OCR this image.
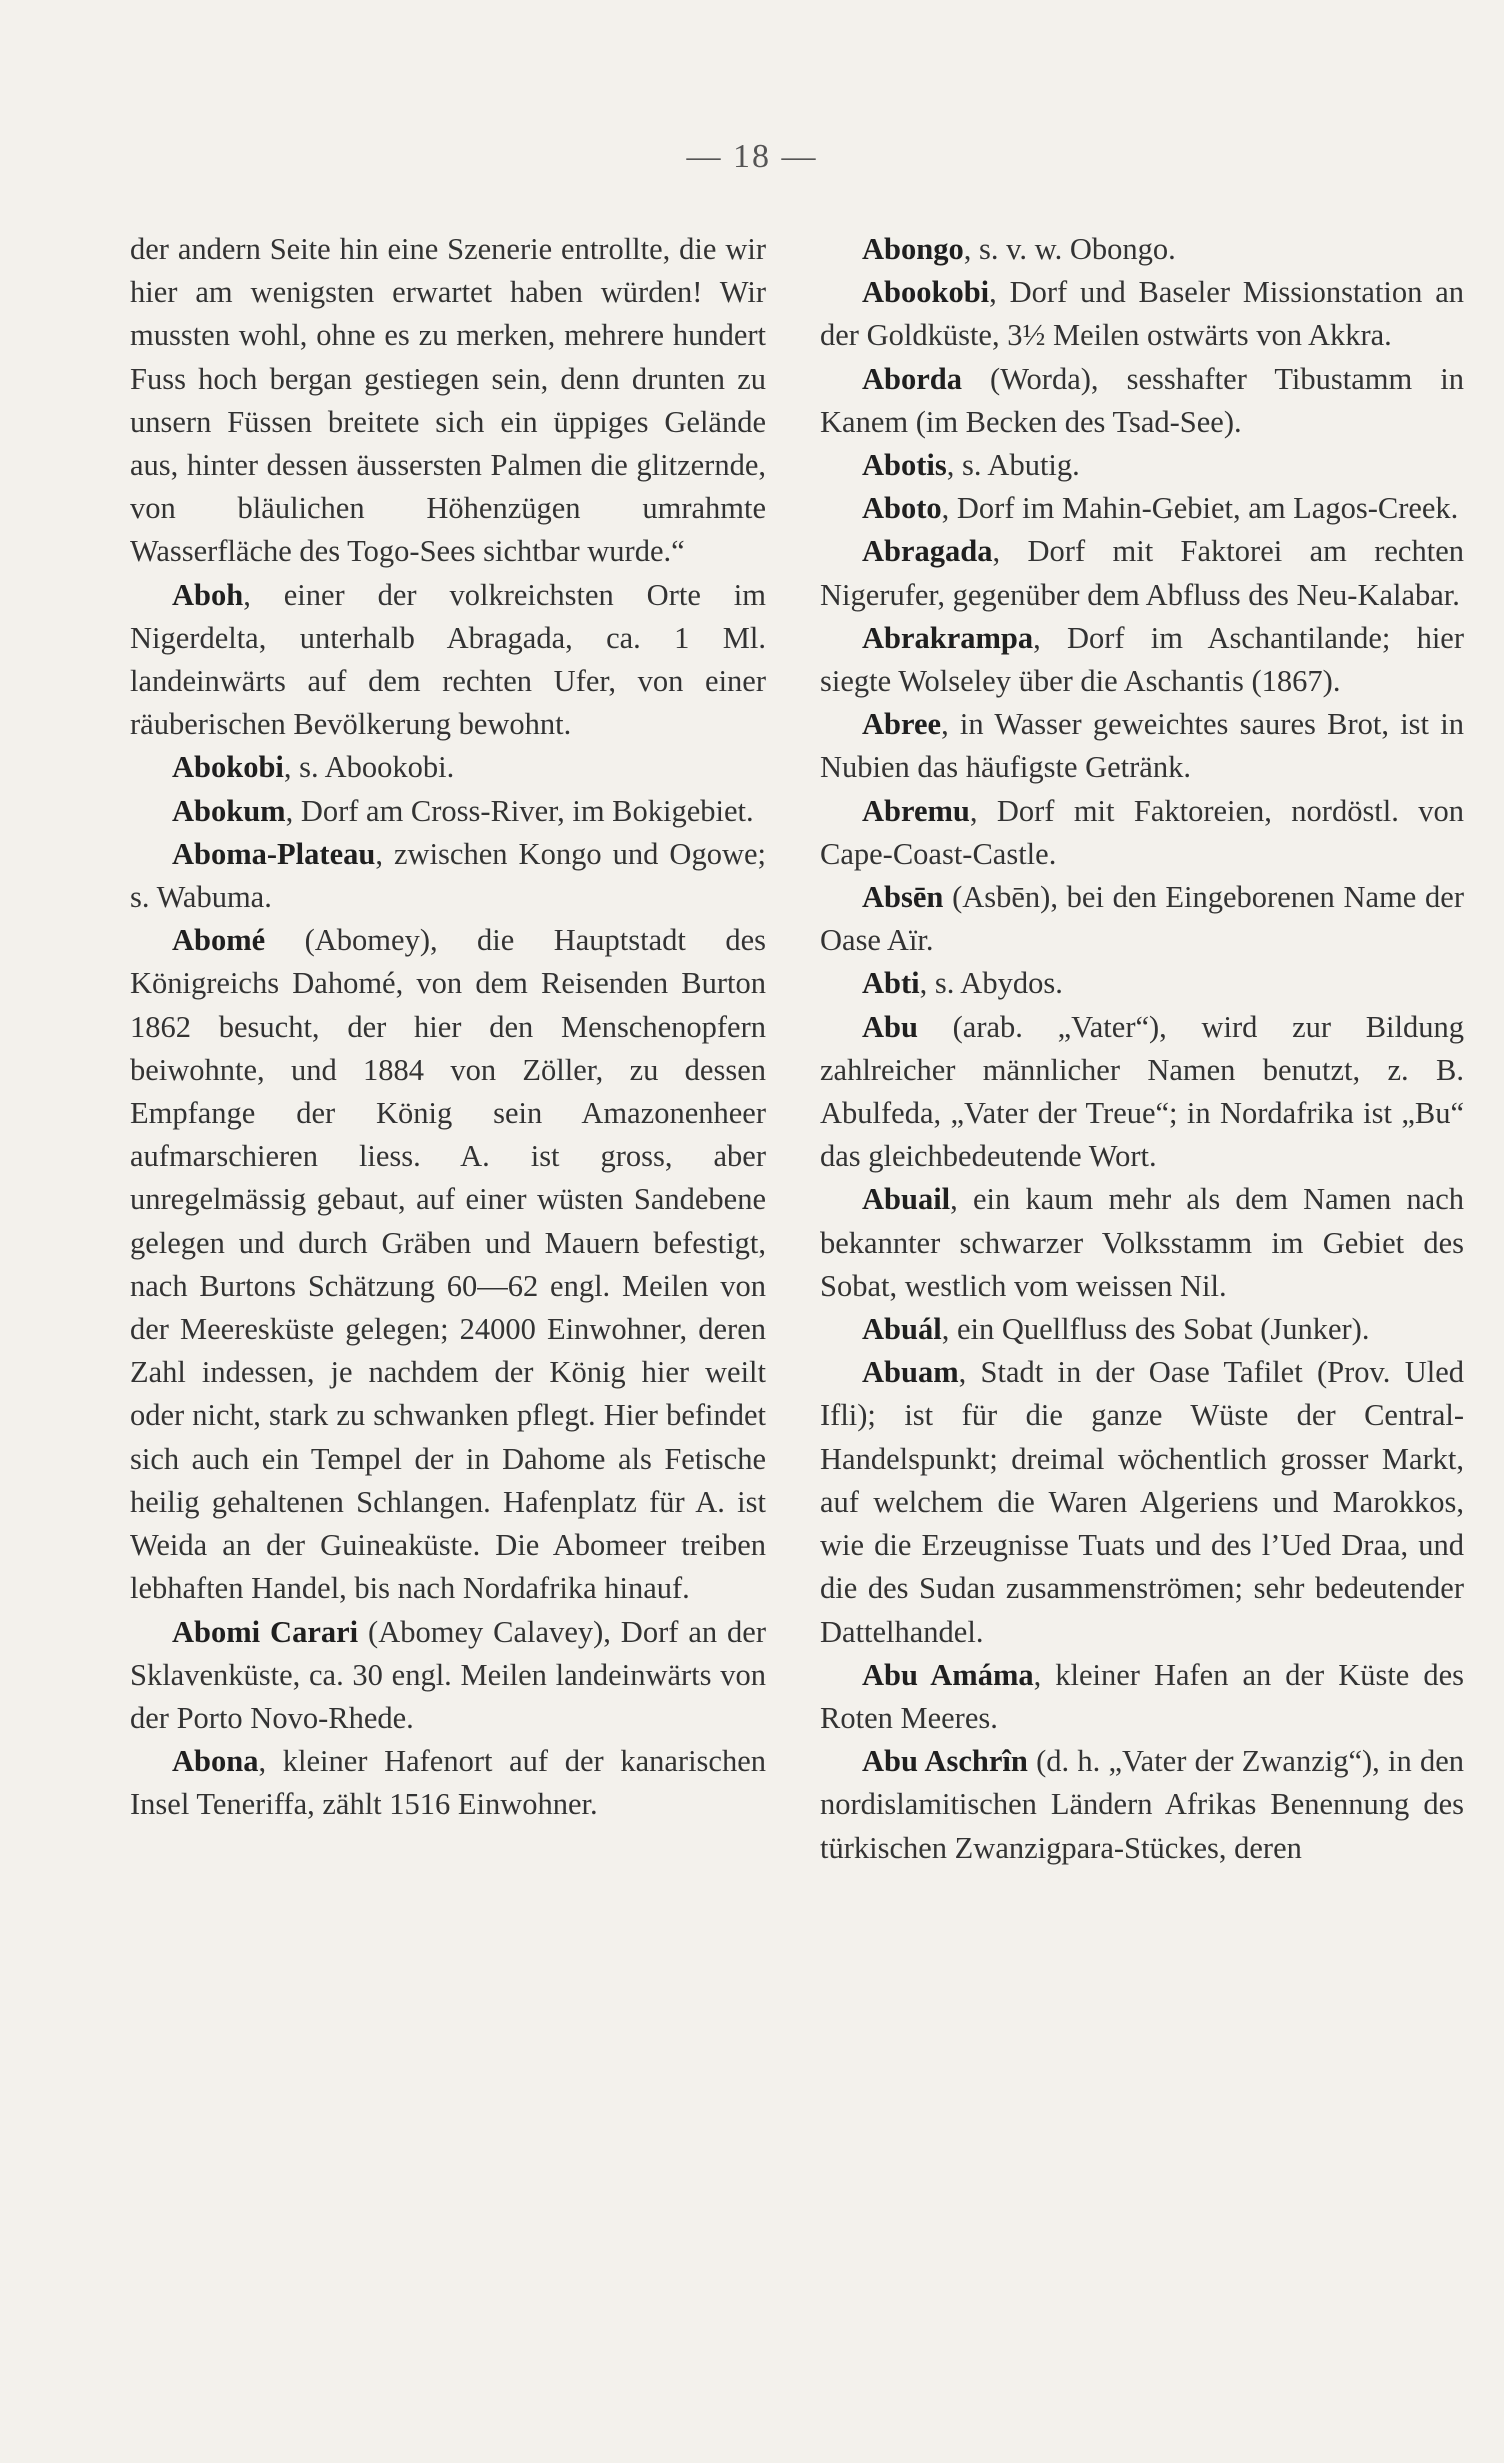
— 18 —

der andern Seite hin eine Szenerie entrollte, die wir hier am wenigsten erwartet haben würden! Wir mussten wohl, ohne es zu merken, mehrere hundert Fuss hoch bergan gestiegen sein, denn drunten zu unsern Füssen breitete sich ein üppiges Gelände aus, hinter dessen äussersten Palmen die glitzernde, von bläulichen Höhenzügen umrahmte Wasserfläche des Togo-Sees sichtbar wurde.“

Aboh, einer der volkreichsten Orte im Nigerdelta, unterhalb Abragada, ca. 1 Ml. landeinwärts auf dem rechten Ufer, von einer räuberischen Bevölkerung bewohnt.

Abokobi, s. Abookobi.

Abokum, Dorf am Cross-River, im Bokigebiet.

Aboma-Plateau, zwischen Kongo und Ogowe; s. Wabuma.

Abomé (Abomey), die Hauptstadt des Königreichs Dahomé, von dem Reisenden Burton 1862 besucht, der hier den Menschenopfern beiwohnte, und 1884 von Zöller, zu dessen Empfange der König sein Amazonenheer aufmarschieren liess. A. ist gross, aber unregelmässig gebaut, auf einer wüsten Sandebene gelegen und durch Gräben und Mauern befestigt, nach Burtons Schätzung 60—62 engl. Meilen von der Meeresküste gelegen; 24000 Einwohner, deren Zahl indessen, je nachdem der König hier weilt oder nicht, stark zu schwanken pflegt. Hier befindet sich auch ein Tempel der in Dahome als Fetische heilig gehaltenen Schlangen. Hafenplatz für A. ist Weida an der Guineaküste. Die Abomeer treiben lebhaften Handel, bis nach Nordafrika hinauf.

Abomi Carari (Abomey Calavey), Dorf an der Sklavenküste, ca. 30 engl. Meilen landeinwärts von der Porto Novo-Rhede.

Abona, kleiner Hafenort auf der kanarischen Insel Teneriffa, zählt 1516 Einwohner.

Abongo, s. v. w. Obongo.

Abookobi, Dorf und Baseler Missionstation an der Goldküste, 3½ Meilen ostwärts von Akkra.

Aborda (Worda), sesshafter Tibustamm in Kanem (im Becken des Tsad-See).

Abotis, s. Abutig.

Aboto, Dorf im Mahin-Gebiet, am Lagos-Creek.

Abragada, Dorf mit Faktorei am rechten Nigerufer, gegenüber dem Abfluss des Neu-Kalabar.

Abrakrampa, Dorf im Aschantilande; hier siegte Wolseley über die Aschantis (1867).

Abree, in Wasser geweichtes saures Brot, ist in Nubien das häufigste Getränk.

Abremu, Dorf mit Faktoreien, nordöstl. von Cape-Coast-Castle.

Absēn (Asbēn), bei den Eingeborenen Name der Oase Aïr.

Abti, s. Abydos.

Abu (arab. „Vater“), wird zur Bildung zahlreicher männlicher Namen benutzt, z. B. Abulfeda, „Vater der Treue“; in Nordafrika ist „Bu“ das gleichbedeutende Wort.

Abuail, ein kaum mehr als dem Namen nach bekannter schwarzer Volksstamm im Gebiet des Sobat, westlich vom weissen Nil.

Abuál, ein Quellfluss des Sobat (Junker).

Abuam, Stadt in der Oase Tafilet (Prov. Uled Ifli); ist für die ganze Wüste der Central-Handelspunkt; dreimal wöchentlich grosser Markt, auf welchem die Waren Algeriens und Marokkos, wie die Erzeugnisse Tuats und des l’Ued Draa, und die des Sudan zusammenströmen; sehr bedeutender Dattelhandel.

Abu Amáma, kleiner Hafen an der Küste des Roten Meeres.

Abu Aschrîn (d. h. „Vater der Zwanzig“), in den nordislamitischen Ländern Afrikas Benennung des türkischen Zwanzigpara-Stückes, deren
